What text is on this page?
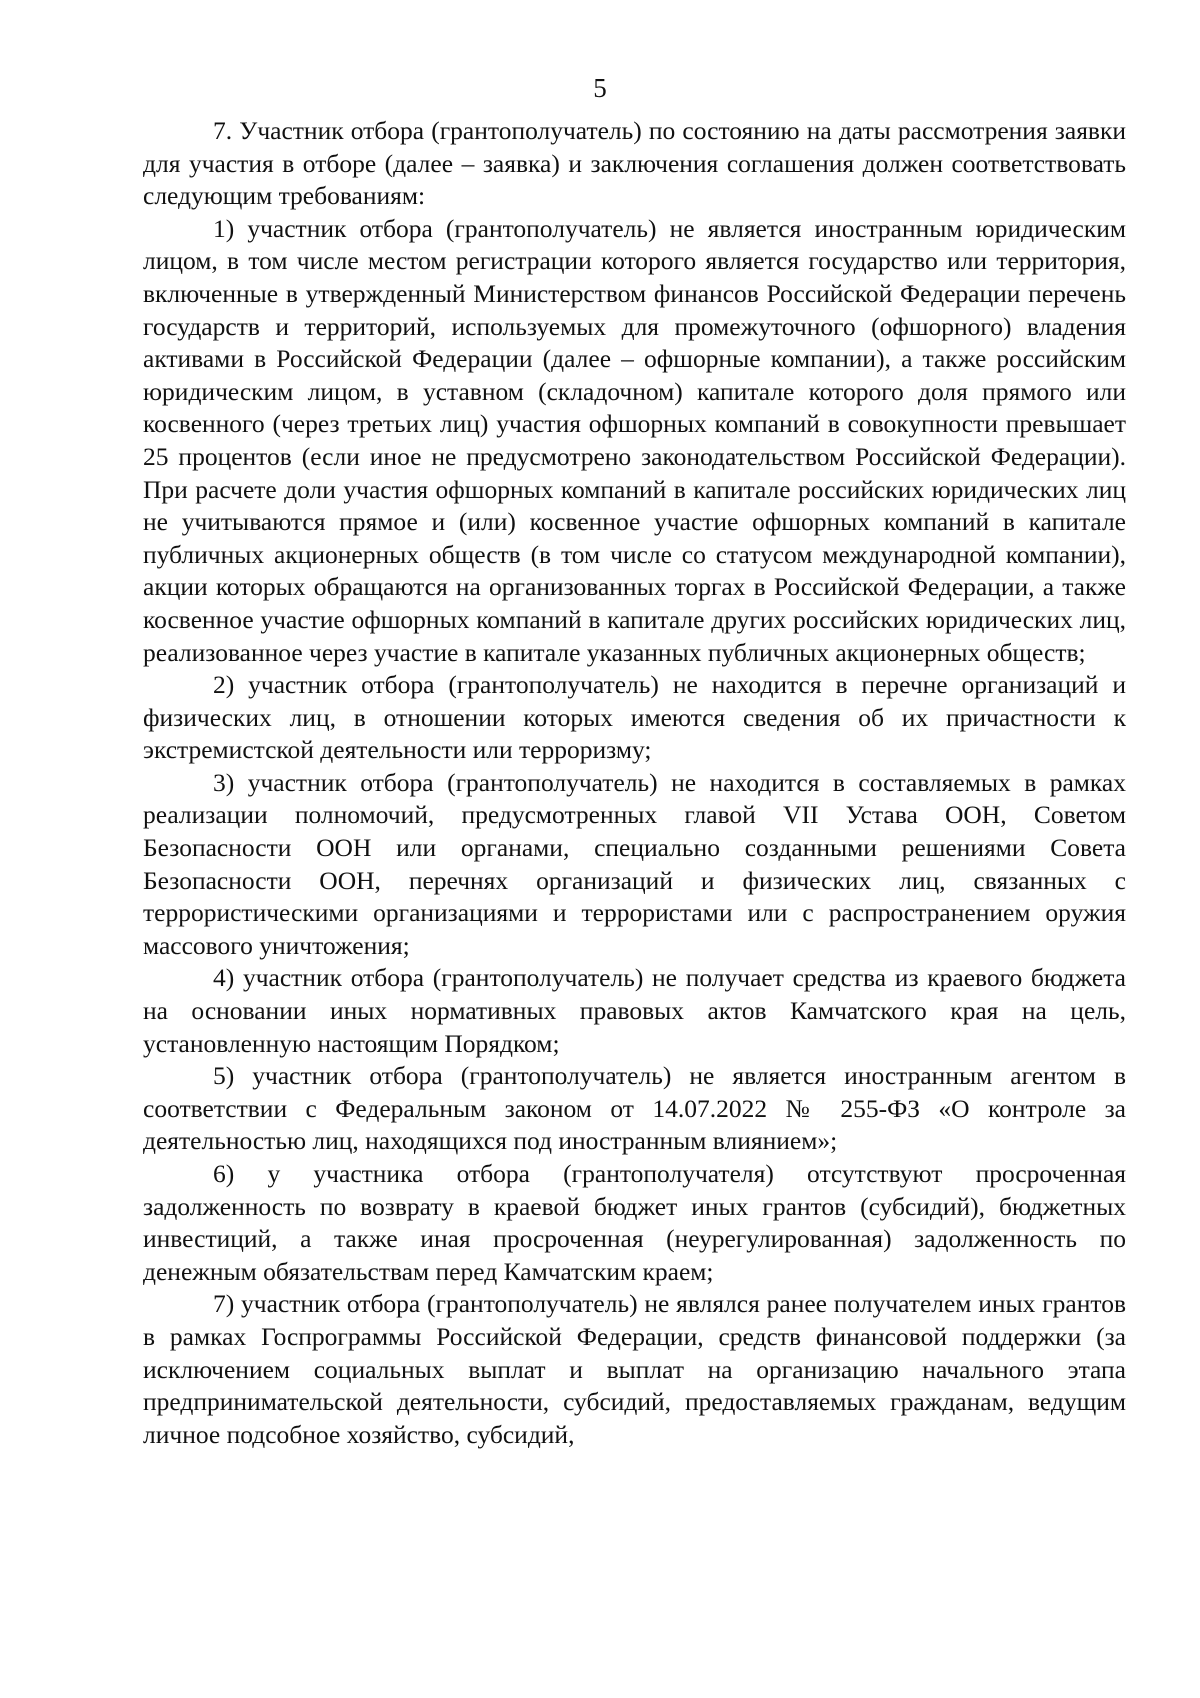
5

7. Участник отбора (грантополучатель) по состоянию на даты рассмотрения заявки для участия в отборе (далее – заявка) и заключения соглашения должен соответствовать следующим требованиям:

1) участник отбора (грантополучатель) не является иностранным юридическим лицом, в том числе местом регистрации которого является государство или территория, включенные в утвержденный Министерством финансов Российской Федерации перечень государств и территорий, используемых для промежуточного (офшорного) владения активами в Российской Федерации (далее – офшорные компании), а также российским юридическим лицом, в уставном (складочном) капитале которого доля прямого или косвенного (через третьих лиц) участия офшорных компаний в совокупности превышает 25 процентов (если иное не предусмотрено законодательством Российской Федерации). При расчете доли участия офшорных компаний в капитале российских юридических лиц не учитываются прямое и (или) косвенное участие офшорных компаний в капитале публичных акционерных обществ (в том числе со статусом международной компании), акции которых обращаются на организованных торгах в Российской Федерации, а также косвенное участие офшорных компаний в капитале других российских юридических лиц, реализованное через участие в капитале указанных публичных акционерных обществ;

2) участник отбора (грантополучатель) не находится в перечне организаций и физических лиц, в отношении которых имеются сведения об их причастности к экстремистской деятельности или терроризму;

3) участник отбора (грантополучатель) не находится в составляемых в рамках реализации полномочий, предусмотренных главой VII Устава ООН, Советом Безопасности ООН или органами, специально созданными решениями Совета Безопасности ООН, перечнях организаций и физических лиц, связанных с террористическими организациями и террористами или с распространением оружия массового уничтожения;

4) участник отбора (грантополучатель) не получает средства из краевого бюджета на основании иных нормативных правовых актов Камчатского края на цель, установленную настоящим Порядком;

5) участник отбора (грантополучатель) не является иностранным агентом в соответствии с Федеральным законом от 14.07.2022 № 255-ФЗ «О контроле за деятельностью лиц, находящихся под иностранным влиянием»;

6) у участника отбора (грантополучателя) отсутствуют просроченная задолженность по возврату в краевой бюджет иных грантов (субсидий), бюджетных инвестиций, а также иная просроченная (неурегулированная) задолженность по денежным обязательствам перед Камчатским краем;

7) участник отбора (грантополучатель) не являлся ранее получателем иных грантов в рамках Госпрограммы Российской Федерации, средств финансовой поддержки (за исключением социальных выплат и выплат на организацию начального этапа предпринимательской деятельности, субсидий, предоставляемых гражданам, ведущим личное подсобное хозяйство, субсидий,
